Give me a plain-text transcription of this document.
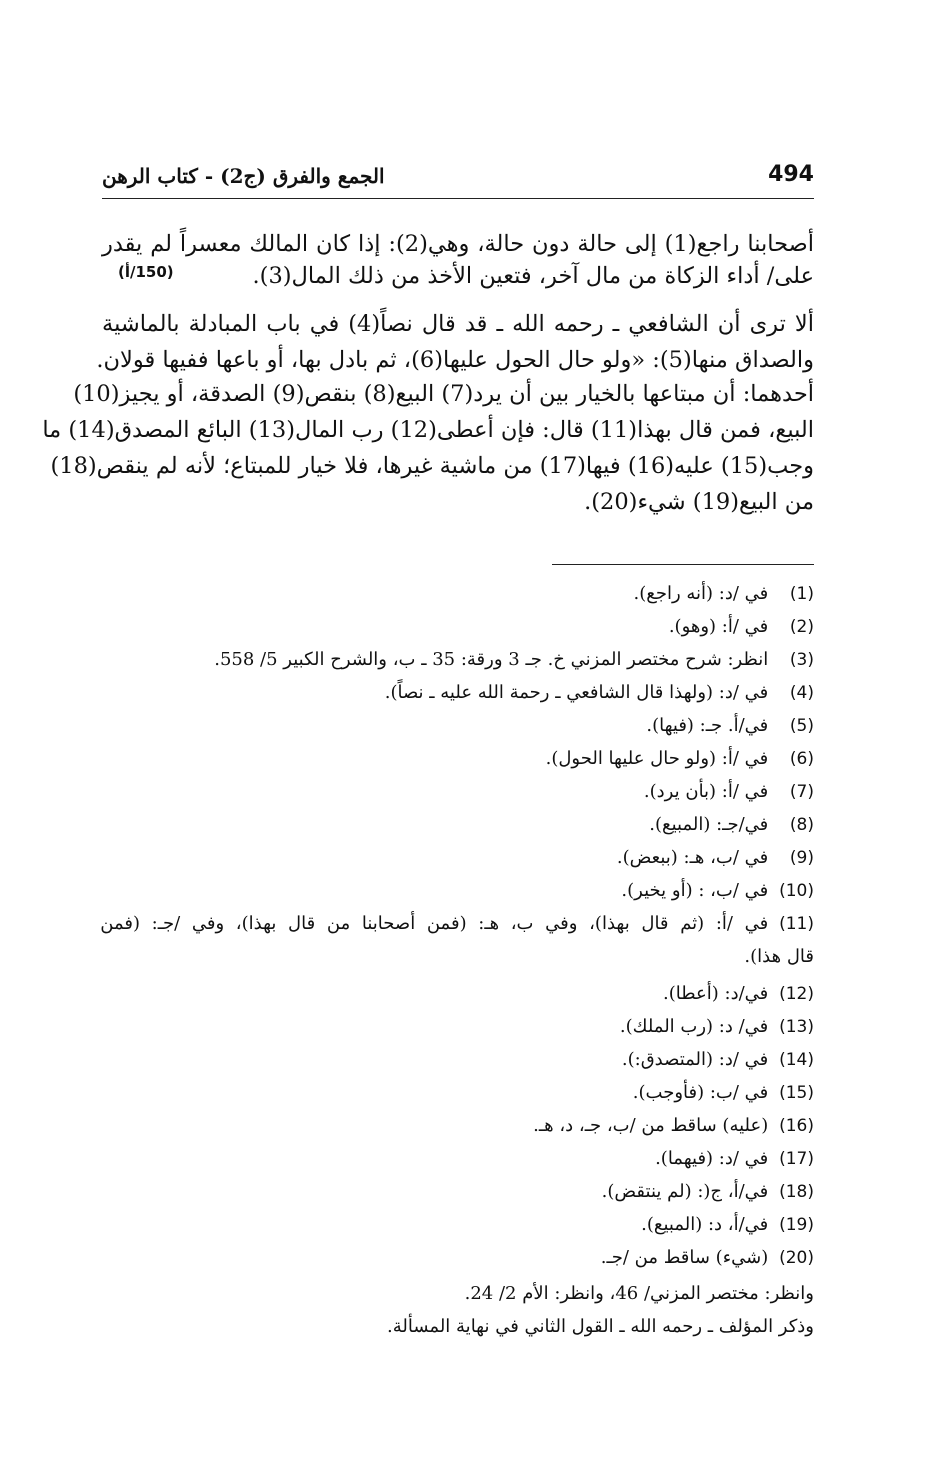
494
الجمع والفرق (ج2) - كتاب الرهن
(150/أ)
أصحابنا راجع(1) إلى حالة دون حالة، وهي(2): إذا كان المالك معسراً لم يقدر
على/ أداء الزكاة من مال آخر، فتعين الأخذ من ذلك المال(3).
ألا ترى أن الشافعي ـ رحمه الله ـ قد قال نصاً(4) في باب المبادلة بالماشية
والصداق منها(5): «ولو حال الحول عليها(6)، ثم بادل بها، أو باعها ففيها قولان.
أحدهما: أن مبتاعها بالخيار بين أن يرد(7) البيع(8) بنقص(9) الصدقة، أو يجيز(10)
البيع، فمن قال بهذا(11) قال: فإن أعطى(12) رب المال(13) البائع المصدق(14) ما
وجب(15) عليه(16) فيها(17) من ماشية غيرها، فلا خيار للمبتاع؛ لأنه لم ينقص(18)
من البيع(19) شيء(20).
(1) في /د: (أنه راجع).
(2) في /أ: (وهو).
(3) انظر: شرح مختصر المزني خ. جـ 3 ورقة: 35 ـ ب، والشرح الكبير 5/ 558.
(4) في /د: (ولهذا قال الشافعي ـ رحمة الله عليه ـ نصاً).
(5) في/أ. جـ: (فيها).
(6) في /أ: (ولو حال عليها الحول).
(7) في /أ: (بأن يرد).
(8) في/جـ: (المبيع).
(9) في /ب، هـ: (ببعض).
(10) في /ب، : (أو يخير).
(11) في /أ: (ثم قال بهذا)، وفي ب، هـ: (فمن أصحابنا من قال بهذا)، وفي /جـ: (فمن
قال هذا).
(12) في/د: (أعطا).
(13) في/ د: (رب الملك).
(14) في /د: (المتصدق:).
(15) في /ب: (فأوجب).
(16) (عليه) ساقط من /ب، جـ، د، هـ.
(17) في /د: (فيهما).
(18) في/أ، ج(: (لم ينتقض).
(19) في/أ، د: (المبيع).
(20) (شيء) ساقط من /جـ.
وانظر: مختصر المزني/ 46، وانظر: الأم 2/ 24.
وذكر المؤلف ـ رحمه الله ـ القول الثاني في نهاية المسألة.
